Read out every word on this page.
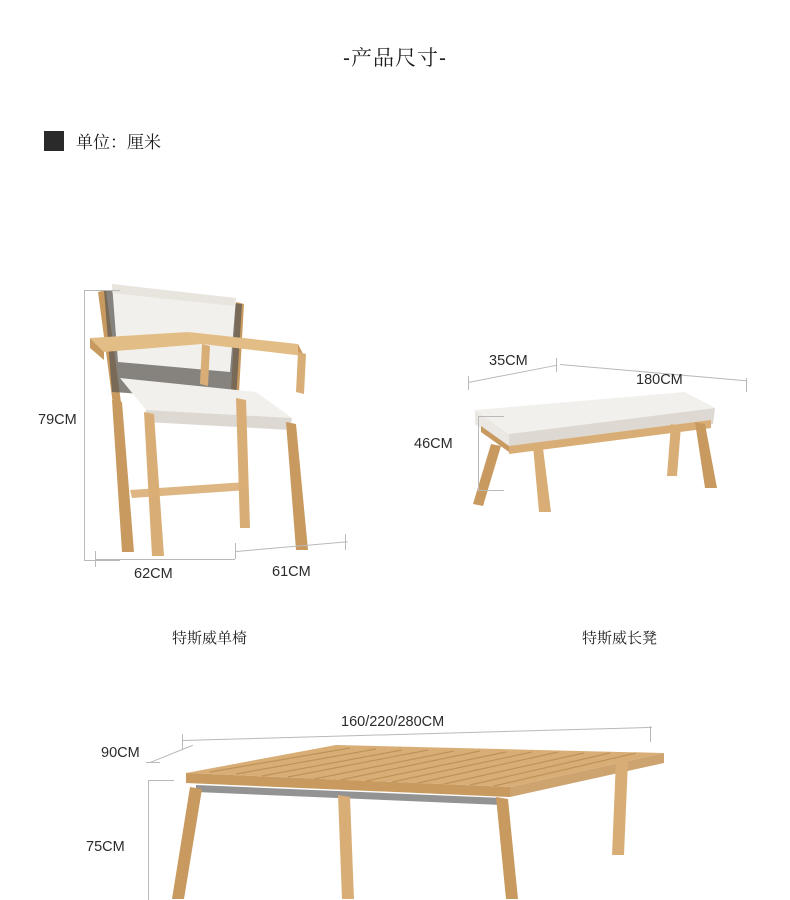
-产品尺寸-
单位：厘米
79CM
62CM	61CM
特斯威单椅
35CM
180CM
46CM
特斯威长凳
160/220/280CM
90CM
75CM
